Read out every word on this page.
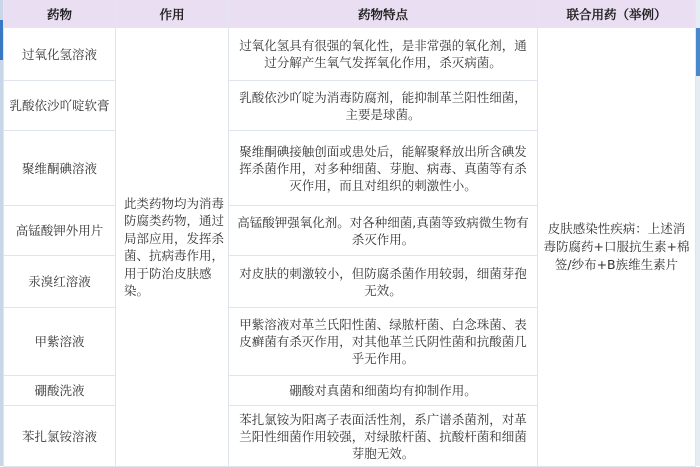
药物	作用	药物特点	联合用药（举例）
过氧化氢溶液	此类药物均为消毒防腐类药物，通过局部应用，发挥杀菌、抗病毒作用，用于防治皮肤感染。	过氧化氢具有很强的氧化性，是非常强的氧化剂，通过分解产生氧气发挥氧化作用，杀灭病菌。	皮肤感染性疾病：上述消毒防腐药+口服抗生素+棉签/纱布+B族维生素片
乳酸依沙吖啶软膏		乳酸依沙吖啶为消毒防腐剂，能抑制革兰阳性细菌，主要是球菌。	
聚维酮碘溶液		聚维酮碘接触创面或患处后，能解聚释放出所含碘发挥杀菌作用，对多种细菌、芽胞、病毒、真菌等有杀灭作用，而且对组织的刺激性小。	
高锰酸钾外用片		高锰酸钾强氧化剂。对各种细菌,真菌等致病微生物有杀灭作用。	
汞溴红溶液		对皮肤的刺激较小，但防腐杀菌作用较弱，细菌芽孢无效。	
甲紫溶液		甲紫溶液对革兰氏阳性菌、绿脓杆菌、白念珠菌、表皮癣菌有杀灭作用，对其他革兰氏阴性菌和抗酸菌几乎无作用。	
硼酸洗液		硼酸对真菌和细菌均有抑制作用。	
苯扎氯铵溶液		苯扎氯铵为阳离子表面活性剂，系广谱杀菌剂，对革兰阳性细菌作用较强，对绿脓杆菌、抗酸杆菌和细菌芽胞无效。	
